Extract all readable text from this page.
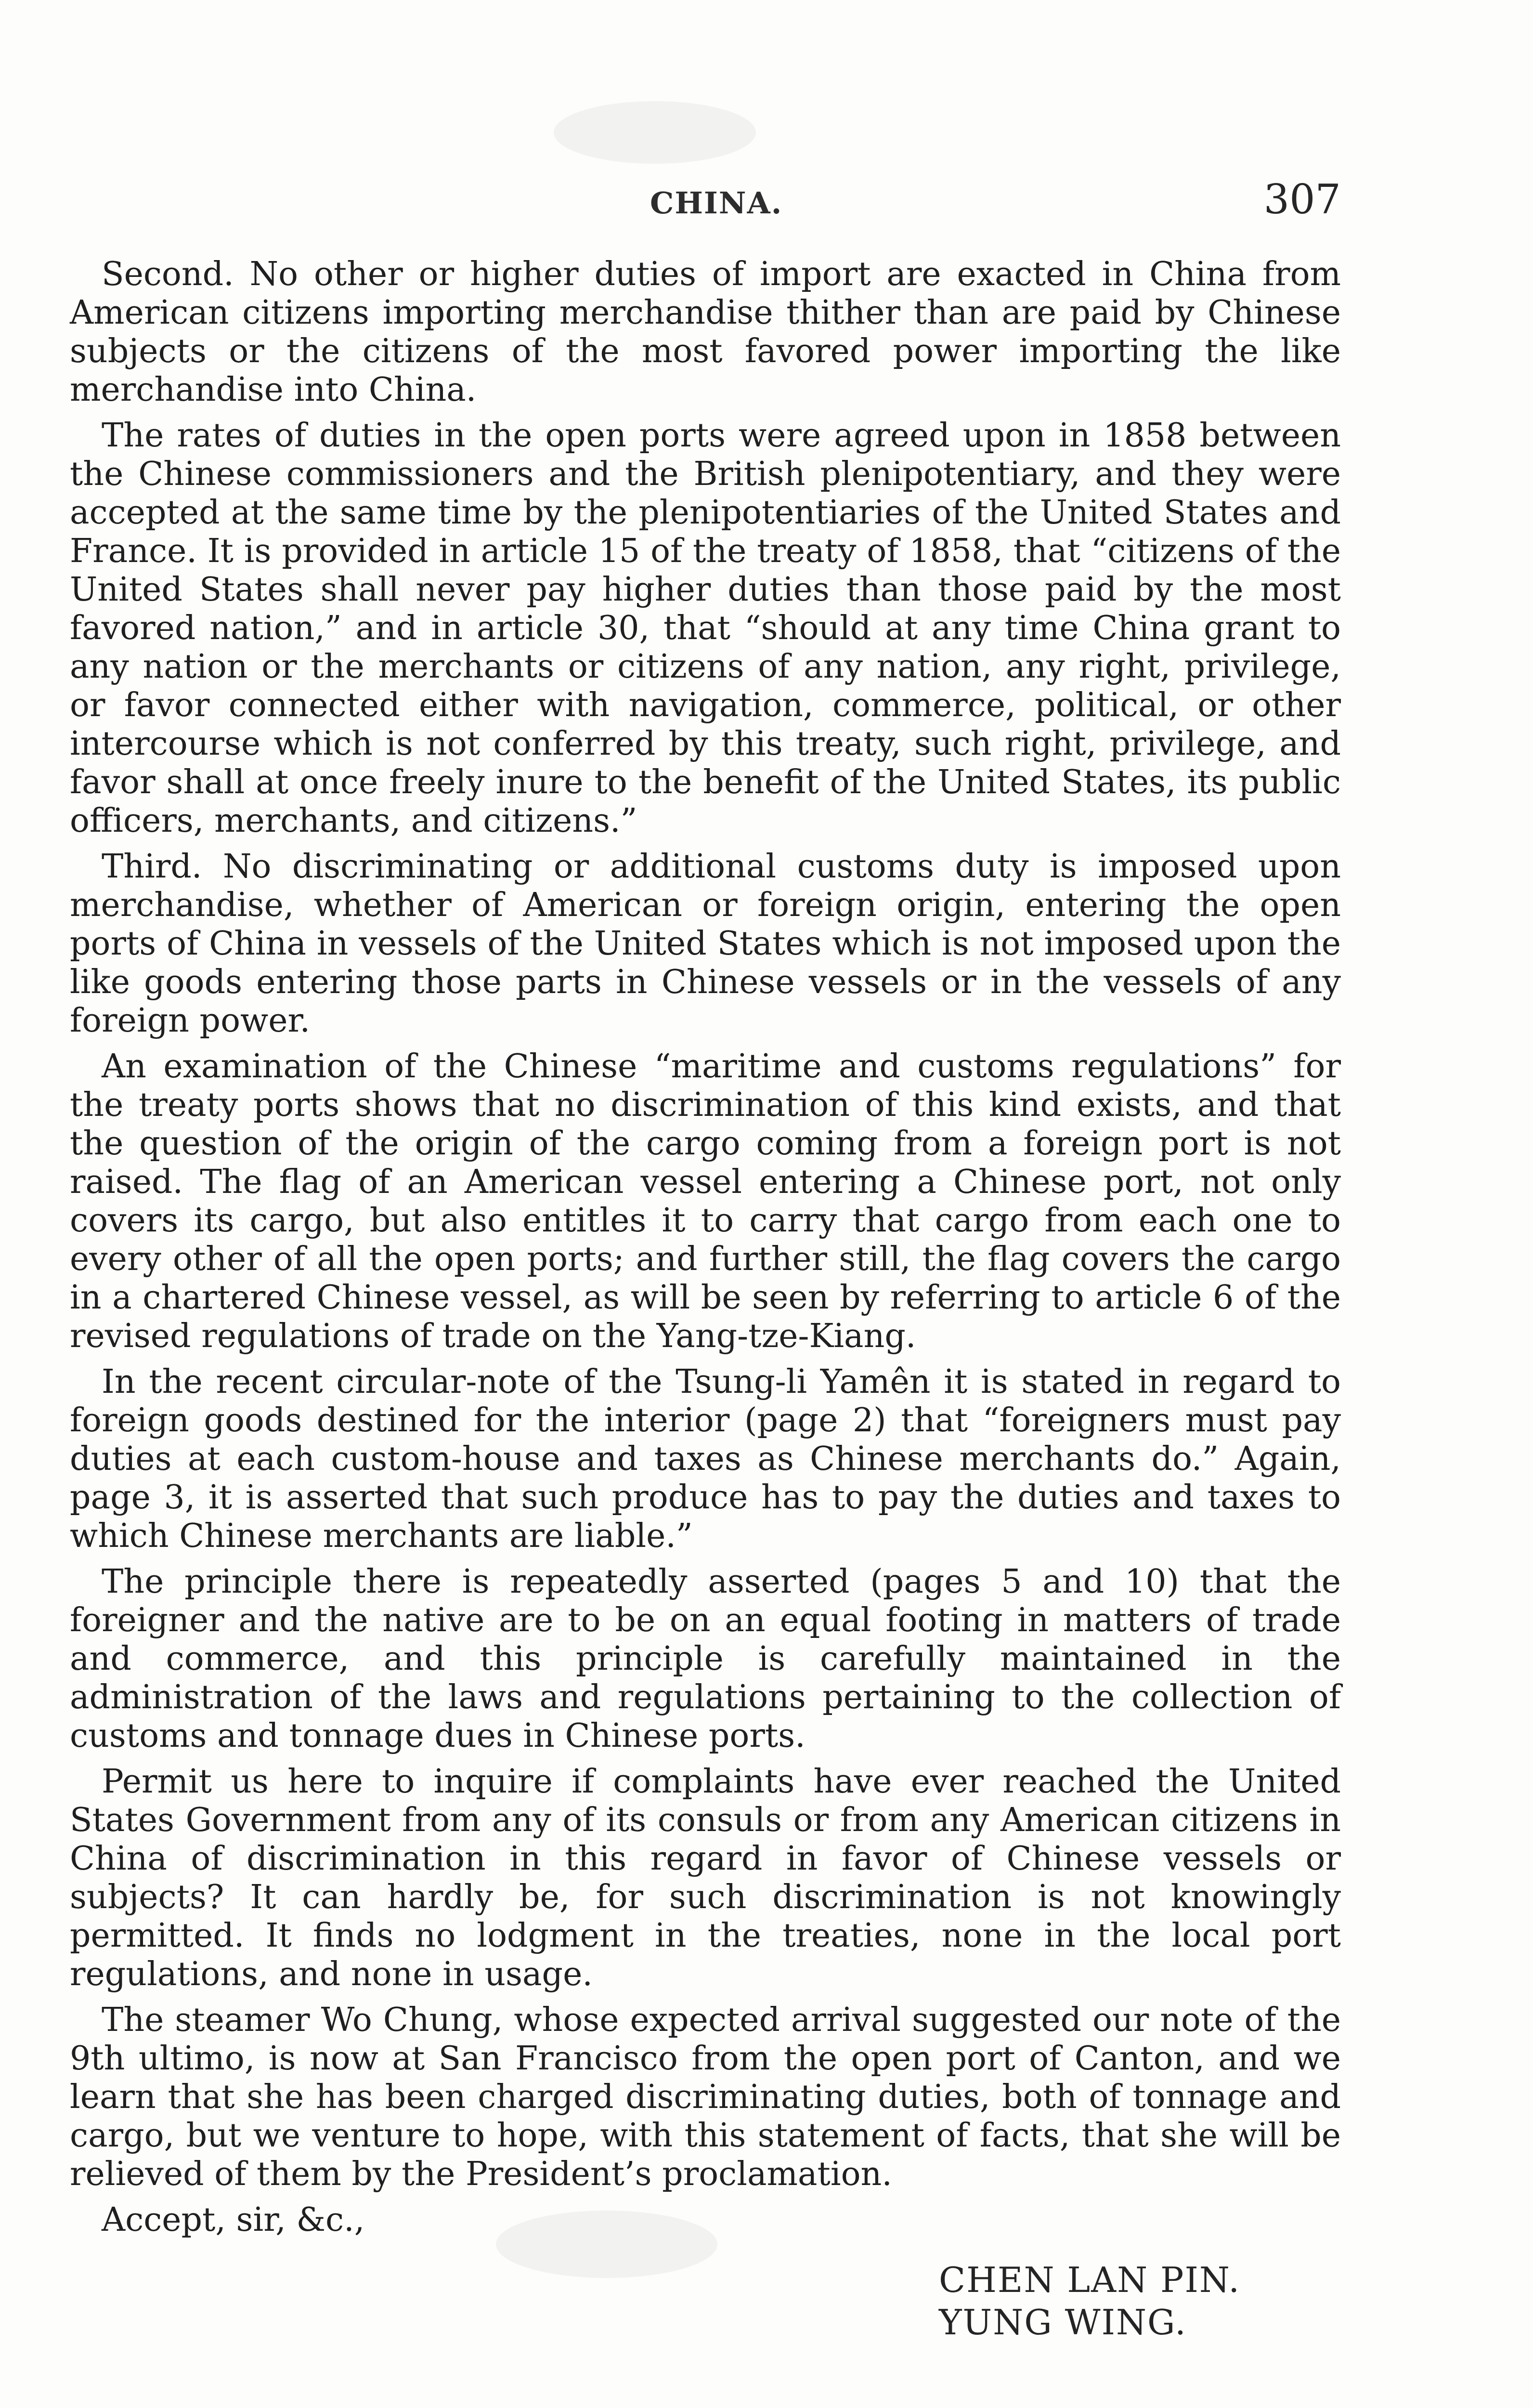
CHINA.	307

Second. No other or higher duties of import are exacted in China from American citizens importing merchandise thither than are paid by Chinese subjects or the citizens of the most favored power importing the like merchandise into China.

The rates of duties in the open ports were agreed upon in 1858 between the Chinese commissioners and the British plenipotentiary, and they were accepted at the same time by the plenipotentiaries of the United States and France. It is provided in article 15 of the treaty of 1858, that “citizens of the United States shall never pay higher duties than those paid by the most favored nation,” and in article 30, that “should at any time China grant to any nation or the merchants or citizens of any nation, any right, privilege, or favor connected either with navigation, commerce, political, or other intercourse which is not conferred by this treaty, such right, privilege, and favor shall at once freely inure to the benefit of the United States, its public officers, merchants, and citizens.”

Third. No discriminating or additional customs duty is imposed upon merchandise, whether of American or foreign origin, entering the open ports of China in vessels of the United States which is not imposed upon the like goods entering those parts in Chinese vessels or in the vessels of any foreign power.

An examination of the Chinese “maritime and customs regulations” for the treaty ports shows that no discrimination of this kind exists, and that the question of the origin of the cargo coming from a foreign port is not raised. The flag of an American vessel entering a Chinese port, not only covers its cargo, but also entitles it to carry that cargo from each one to every other of all the open ports; and further still, the flag covers the cargo in a chartered Chinese vessel, as will be seen by referring to article 6 of the revised regulations of trade on the Yang-tze-Kiang.

In the recent circular-note of the Tsung-li Yamên it is stated in regard to foreign goods destined for the interior (page 2) that “foreigners must pay duties at each custom-house and taxes as Chinese merchants do.” Again, page 3, it is asserted that such produce has to pay the duties and taxes to which Chinese merchants are liable.”

The principle there is repeatedly asserted (pages 5 and 10) that the foreigner and the native are to be on an equal footing in matters of trade and commerce, and this principle is carefully maintained in the administration of the laws and regulations pertaining to the collection of customs and tonnage dues in Chinese ports.

Permit us here to inquire if complaints have ever reached the United States Government from any of its consuls or from any American citizens in China of discrimination in this regard in favor of Chinese vessels or subjects? It can hardly be, for such discrimination is not knowingly permitted. It finds no lodgment in the treaties, none in the local port regulations, and none in usage.

The steamer Wo Chung, whose expected arrival suggested our note of the 9th ultimo, is now at San Francisco from the open port of Canton, and we learn that she has been charged discriminating duties, both of tonnage and cargo, but we venture to hope, with this statement of facts, that she will be relieved of them by the President’s proclamation.

Accept, sir, &c.,

CHEN LAN PIN.
YUNG WING.
